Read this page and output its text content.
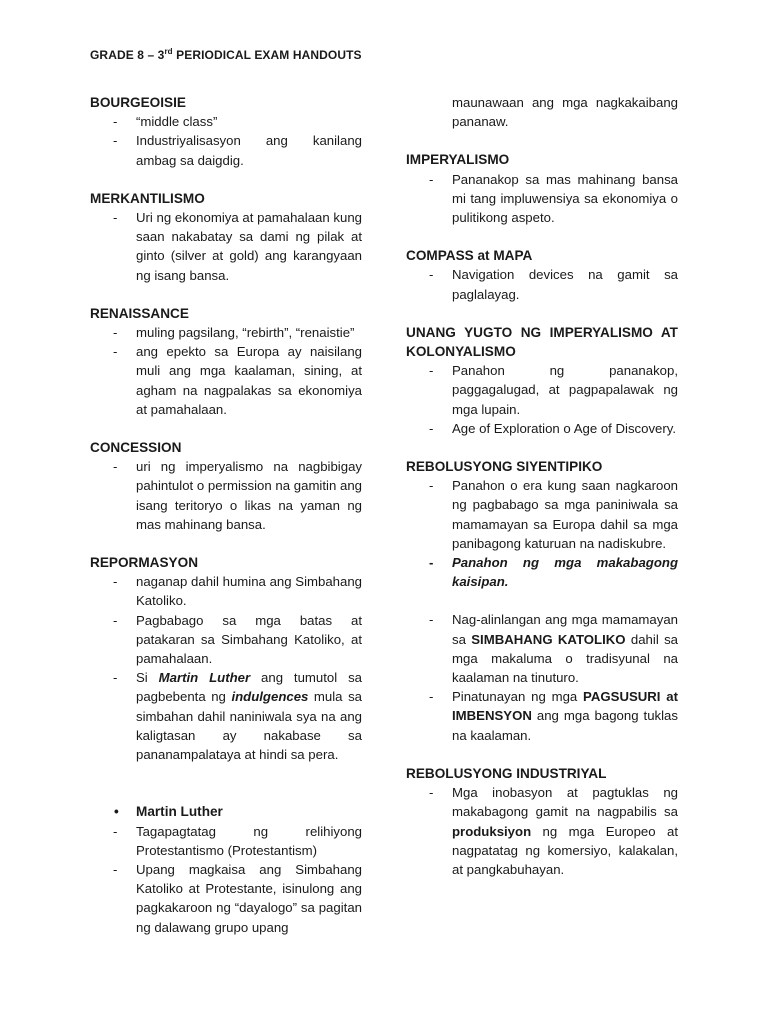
GRADE 8 – 3rd PERIODICAL EXAM HANDOUTS

BOURGEOISIE

-	“middle class”
-	Industriyalisasyon ang kanilang ambag sa daigdig.

MERKANTILISMO

-	Uri ng ekonomiya at pamahalaan kung saan nakabatay sa dami ng pilak at ginto (silver at gold) ang karangyaan ng isang bansa.

RENAISSANCE

-	muling pagsilang, “rebirth”, “renaistie”
-	ang epekto sa Europa ay naisilang muli ang mga kaalaman, sining, at agham na nagpalakas sa ekonomiya at pamahalaan.

CONCESSION

-	uri ng imperyalismo na nagbibigay pahintulot o permission na gamitin ang isang teritoryo o likas na yaman ng mas mahinang bansa.

REPORMASYON

-	naganap dahil humina ang Simbahang Katoliko.
-	Pagbabago sa mga batas at patakaran sa Simbahang Katoliko, at pamahalaan.
-	Si Martin Luther ang tumutol sa pagbebenta ng indulgences mula sa simbahan dahil naniniwala sya na ang kaligtasan ay nakabase sa pananampalataya at hindi sa pera.
•	Martin Luther
-	Tagapagtatag ng relihiyong Protestantismo (Protestantism)
-	Upang magkaisa ang Simbahang Katoliko at Protestante, isinulong ang pagkakaroon ng “dayalogo” sa pagitan ng dalawang grupo upang
maunawaan ang mga nagkakaibang pananaw.

IMPERYALISMO

-	Pananakop sa mas mahinang bansa mi tang impluwensiya sa ekonomiya o pulitikong aspeto.

COMPASS at MAPA

-	Navigation devices na gamit sa paglalayag.

UNANG YUGTO NG IMPERYALISMO AT KOLONYALISMO

-	Panahon ng pananakop, paggagalugad, at pagpapalawak ng mga lupain.
-	Age of Exploration o Age of Discovery.

REBOLUSYONG SIYENTIPIKO

-	Panahon o era kung saan nagkaroon ng pagbabago sa mga paniniwala sa mamamayan sa Europa dahil sa mga panibagong katuruan na nadiskubre.
-	Panahon ng mga makabagong kaisipan.
-	Nag-alinlangan ang mga mamamayan sa SIMBAHANG KATOLIKO dahil sa mga makaluma o tradisyunal na kaalaman na tinuturo.
-	Pinatunayan ng mga PAGSUSURI at IMBENSYON ang mga bagong tuklas na kaalaman.

REBOLUSYONG INDUSTRIYAL

-	Mga inobasyon at pagtuklas ng makabagong gamit na nagpabilis sa produksiyon ng mga Europeo at nagpatatag ng komersiyo, kalakalan, at pangkabuhayan.
